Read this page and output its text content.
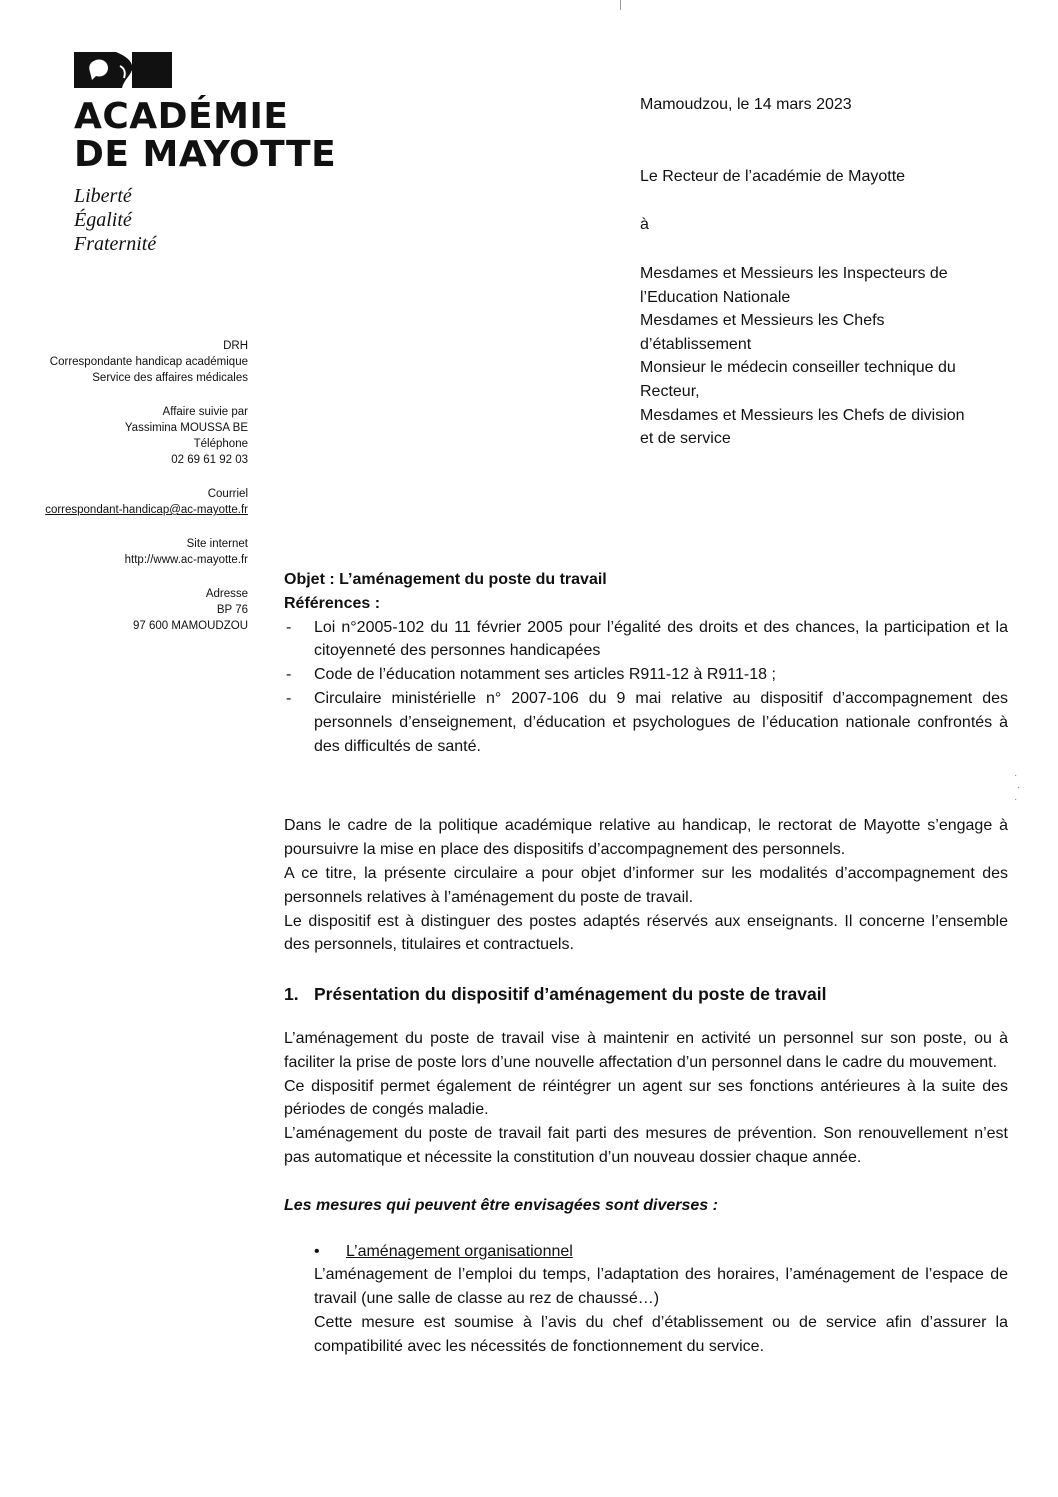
ACADÉMIE
DE MAYOTTE
Liberté
Égalité
Fraternité
Mamoudzou, le 14 mars 2023
Le Recteur de l’académie de Mayotte
à
Mesdames et Messieurs les Inspecteurs de
l’Education Nationale
Mesdames et Messieurs les Chefs
d’établissement
Monsieur le médecin conseiller technique du
Recteur,
Mesdames et Messieurs les Chefs de division
et de service
DRH
Correspondante handicap académique
Service des affaires médicales
Affaire suivie par
Yassimina MOUSSA BE
Téléphone
02 69 61 92 03
Courriel
correspondant-handicap@ac-mayotte.fr
Site internet
http://www.ac-mayotte.fr
Adresse
BP 76
97 600 MAMOUDZOU
Objet : L’aménagement du poste du travail
Références :
- Loi n°2005-102 du 11 février 2005 pour l’égalité des droits et des chances, la participation et la citoyenneté des personnes handicapées
- Code de l’éducation notamment ses articles R911-12 à R911-18 ;
- Circulaire ministérielle n° 2007-106 du 9 mai relative au dispositif d’accompagnement des personnels d’enseignement, d’éducation et psychologues de l’éducation nationale confrontés à des difficultés de santé.
Dans le cadre de la politique académique relative au handicap, le rectorat de Mayotte s’engage à poursuivre la mise en place des dispositifs d’accompagnement des personnels.
A ce titre, la présente circulaire a pour objet d’informer sur les modalités d’accompagnement des personnels relatives à l’aménagement du poste de travail.
Le dispositif est à distinguer des postes adaptés réservés aux enseignants. Il concerne l’ensemble des personnels, titulaires et contractuels.
1. Présentation du dispositif d’aménagement du poste de travail
L’aménagement du poste de travail vise à maintenir en activité un personnel sur son poste, ou à faciliter la prise de poste lors d’une nouvelle affectation d’un personnel dans le cadre du mouvement.
Ce dispositif permet également de réintégrer un agent sur ses fonctions antérieures à la suite des périodes de congés maladie.
L’aménagement du poste de travail fait parti des mesures de prévention. Son renouvellement n’est pas automatique et nécessite la constitution d’un nouveau dossier chaque année.
Les mesures qui peuvent être envisagées sont diverses :
• L’aménagement organisationnel
L’aménagement de l’emploi du temps, l’adaptation des horaires, l’aménagement de l’espace de travail (une salle de classe au rez de chaussé…)
Cette mesure est soumise à l’avis du chef d’établissement ou de service afin d’assurer la compatibilité avec les nécessités de fonctionnement du service.
·
·
·
